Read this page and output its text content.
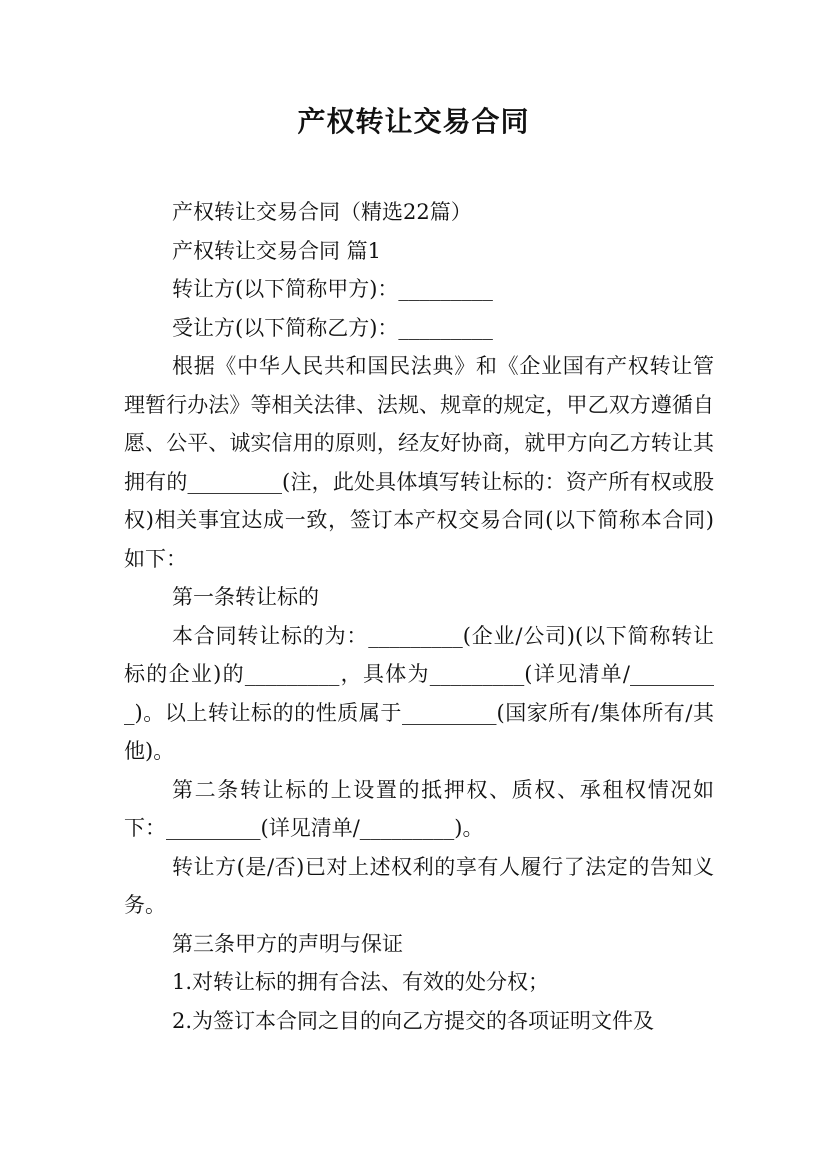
产权转让交易合同

产权转让交易合同（精选22篇）

产权转让交易合同 篇1

转让方(以下简称甲方)：_________

受让方(以下简称乙方)：_________

根据《中华人民共和国民法典》和《企业国有产权转让管理暂行办法》等相关法律、法规、规章的规定，甲乙双方遵循自愿、公平、诚实信用的原则，经友好协商，就甲方向乙方转让其拥有的_________(注，此处具体填写转让标的：资产所有权或股权)相关事宜达成一致，签订本产权交易合同(以下简称本合同)如下：

第一条转让标的

本合同转让标的为：_________(企业/公司)(以下简称转让标的企业)的_________，具体为_________(详见清单/_________)。以上转让标的的性质属于_________(国家所有/集体所有/其他)。

第二条转让标的上设置的抵押权、质权、承租权情况如下：_________(详见清单/_________)。

转让方(是/否)已对上述权利的享有人履行了法定的告知义务。

第三条甲方的声明与保证

1.对转让标的拥有合法、有效的处分权；

2.为签订本合同之目的向乙方提交的各项证明文件及
